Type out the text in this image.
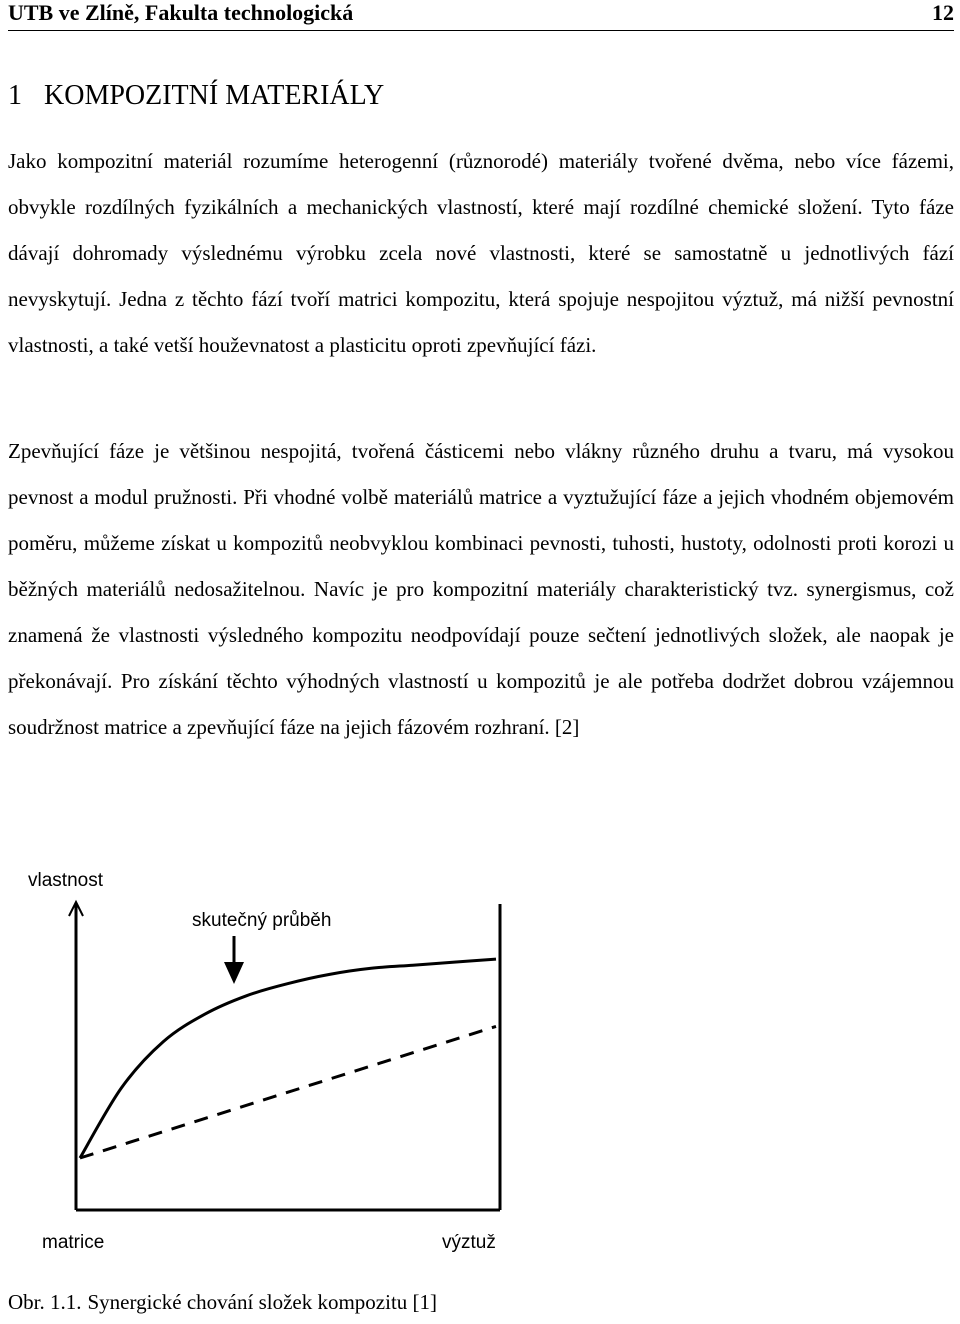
UTB ve Zlíně, Fakulta technologická	12
1 KOMPOZITNÍ MATERIÁLY

Jako kompozitní materiál rozumíme heterogenní (různorodé) materiály tvořené dvěma, nebo více fázemi, obvykle rozdílných fyzikálních a mechanických vlastností, které mají rozdílné chemické složení. Tyto fáze dávají dohromady výslednému výrobku zcela nové vlastnosti, které se samostatně u jednotlivých fází nevyskytují. Jedna z těchto fází tvoří matrici kompozitu, která spojuje nespojitou výztuž, má nižší pevnostní vlastnosti, a také vetší houževnatost a plasticitu oproti zpevňující fázi.

Zpevňující fáze je většinou nespojitá, tvořená částicemi nebo vlákny různého druhu a tvaru, má vysokou pevnost a modul pružnosti. Při vhodné volbě materiálů matrice a vyztužující fáze a jejich vhodném objemovém poměru, můžeme získat u kompozitů neobvyklou kombinaci pevnosti, tuhosti, hustoty, odolnosti proti korozi u běžných materiálů nedosažitelnou. Navíc je pro kompozitní materiály charakteristický tvz. synergismus, což znamená že vlastnosti výsledného kompozitu neodpovídají pouze sečtení jednotlivých složek, ale naopak je překonávají. Pro získání těchto výhodných vlastností u kompozitů je ale potřeba dodržet dobrou vzájemnou soudržnost matrice a zpevňující fáze na jejich fázovém rozhraní. [2]

vlastnost
skutečný průběh
matrice	výztuž

Obr. 1.1. Synergické chování složek kompozitu [1]
